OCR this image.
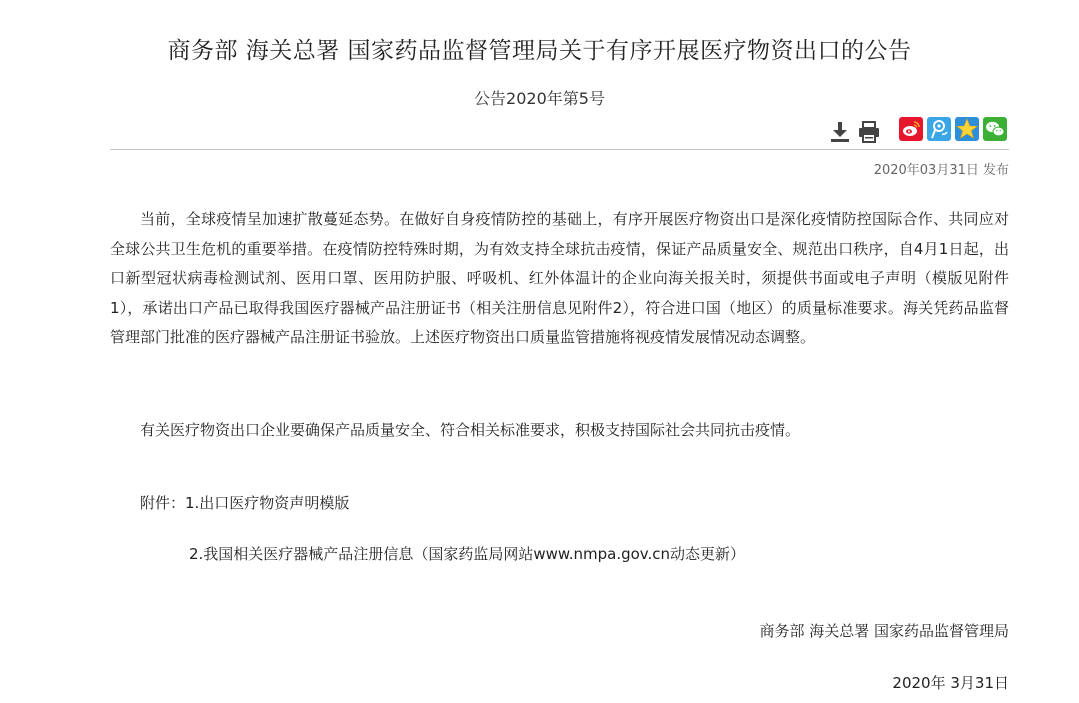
商务部 海关总署 国家药品监督管理局关于有序开展医疗物资出口的公告
公告2020年第5号
2020年03月31日 发布

当前，全球疫情呈加速扩散蔓延态势。在做好自身疫情防控的基础上，有序开展医疗物资出口是深化疫情防控国际合作、共同应对全球公共卫生危机的重要举措。在疫情防控特殊时期，为有效支持全球抗击疫情，保证产品质量安全、规范出口秩序，自4月1日起，出口新型冠状病毒检测试剂、医用口罩、医用防护服、呼吸机、红外体温计的企业向海关报关时，须提供书面或电子声明（模版见附件1），承诺出口产品已取得我国医疗器械产品注册证书（相关注册信息见附件2），符合进口国（地区）的质量标准要求。海关凭药品监督管理部门批准的医疗器械产品注册证书验放。上述医疗物资出口质量监管措施将视疫情发展情况动态调整。

有关医疗物资出口企业要确保产品质量安全、符合相关标准要求，积极支持国际社会共同抗击疫情。
附件：1.出口医疗物资声明模版
2.我国相关医疗器械产品注册信息（国家药监局网站www.nmpa.gov.cn动态更新）
商务部 海关总署 国家药品监督管理局
2020年 3月31日
